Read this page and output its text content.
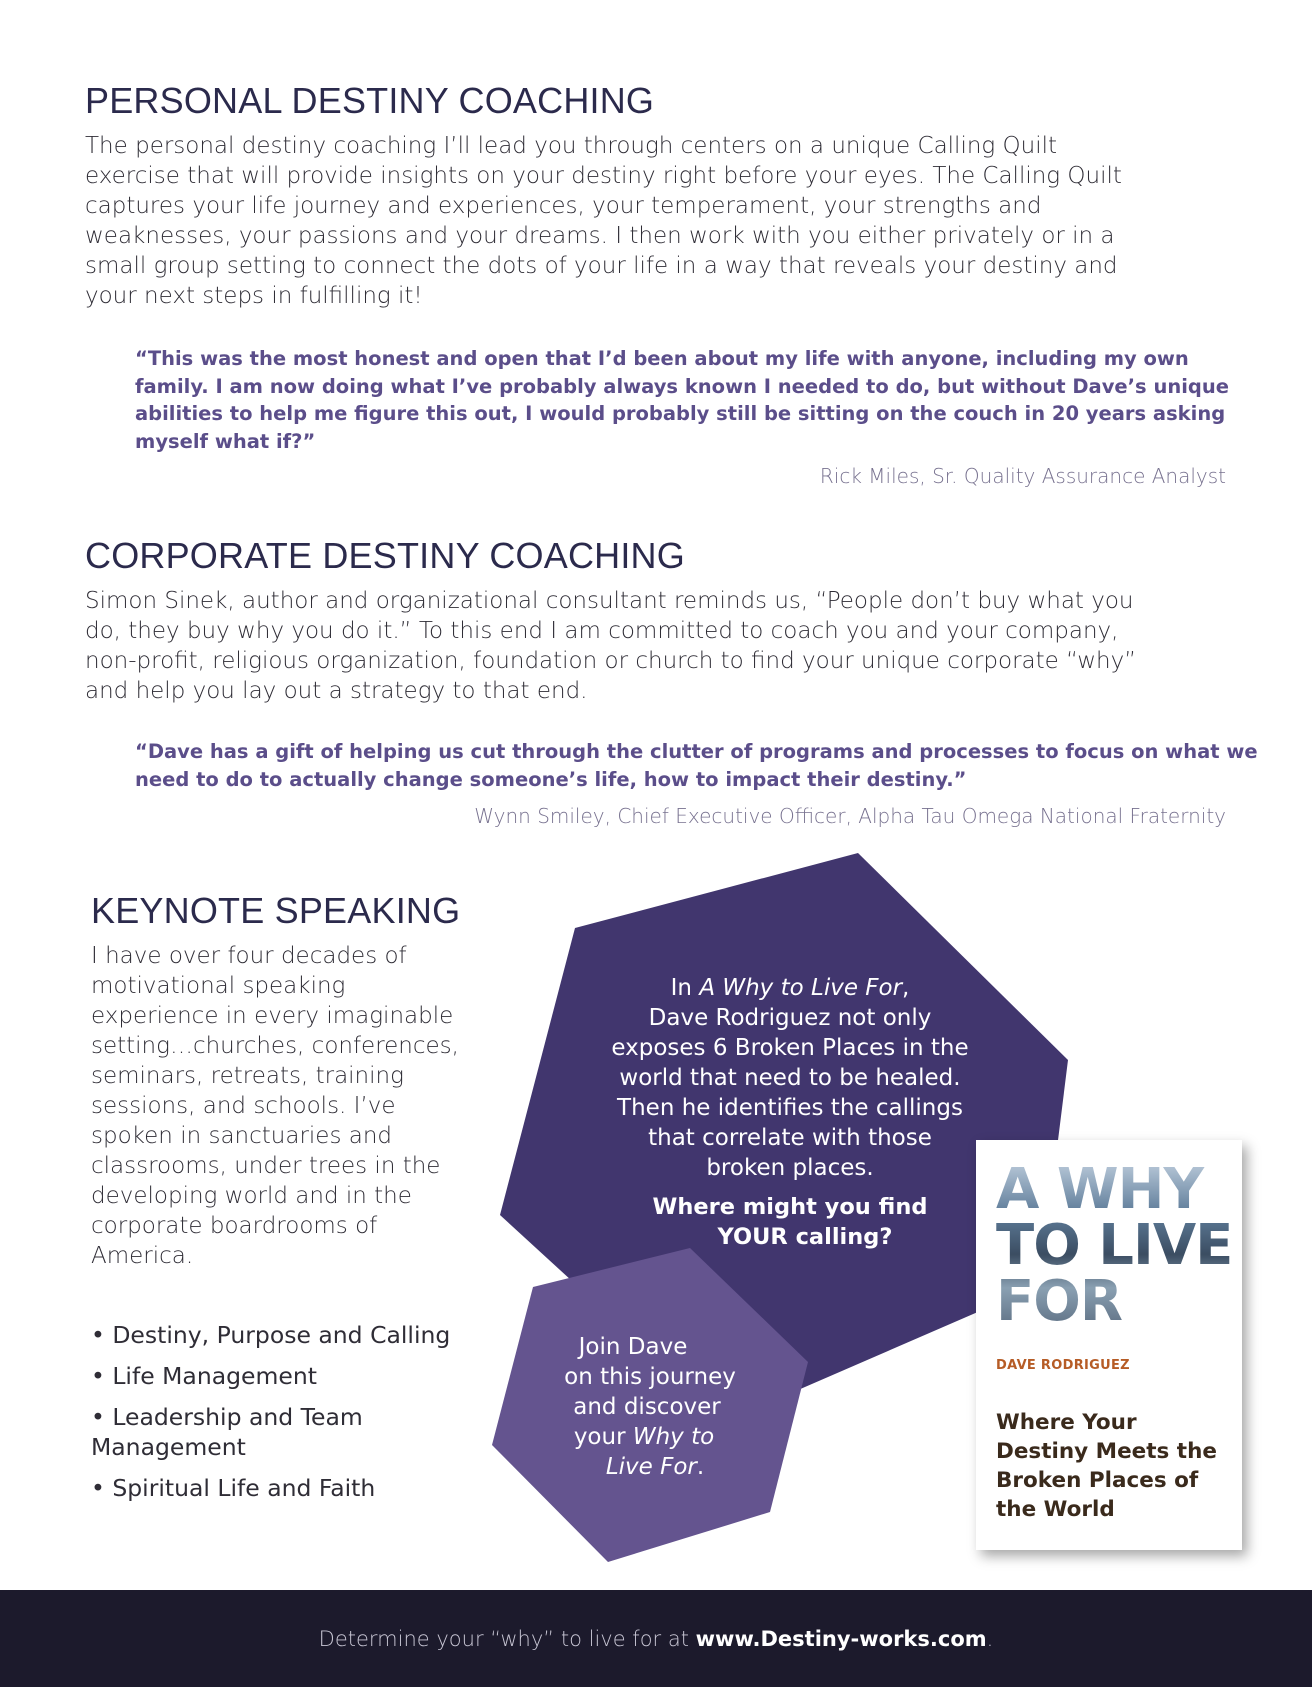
PERSONAL DESTINY COACHING
The personal destiny coaching I’ll lead you through centers on a unique Calling Quilt
exercise that will provide insights on your destiny right before your eyes. The Calling Quilt
captures your life journey and experiences, your temperament, your strengths and
weaknesses, your passions and your dreams. I then work with you either privately or in a
small group setting to connect the dots of your life in a way that reveals your destiny and
your next steps in fulfilling it!
“This was the most honest and open that I’d been about my life with anyone, including my own
family. I am now doing what I’ve probably always known I needed to do, but without Dave’s unique
abilities to help me figure this out, I would probably still be sitting on the couch in 20 years asking
myself what if?”
Rick Miles, Sr. Quality Assurance Analyst
CORPORATE DESTINY COACHING
Simon Sinek, author and organizational consultant reminds us, “People don’t buy what you
do, they buy why you do it.” To this end I am committed to coach you and your company,
non-profit, religious organization, foundation or church to find your unique corporate “why”
and help you lay out a strategy to that end.
“Dave has a gift of helping us cut through the clutter of programs and processes to focus on what we
need to do to actually change someone’s life, how to impact their destiny.”
Wynn Smiley, Chief Executive Officer, Alpha Tau Omega National Fraternity
KEYNOTE SPEAKING
I have over four decades of
motivational speaking
experience in every imaginable
setting…churches, conferences,
seminars, retreats, training
sessions, and schools. I’ve
spoken in sanctuaries and
classrooms, under trees in the
developing world and in the
corporate boardrooms of
America.
• Destiny, Purpose and Calling
• Life Management
• Leadership and Team Management
• Spiritual Life and Faith
In A Why to Live For,
Dave Rodriguez not only
exposes 6 Broken Places in the
world that need to be healed.
Then he identifies the callings
that correlate with those
broken places.
Where might you find
YOUR calling?
Join Dave
on this journey
and discover
your Why to
Live For.
A WHY
TO LIVE
FOR
DAVE RODRIGUEZ
Where Your Destiny Meets the Broken Places of the World

Determine your “why” to live for at www.Destiny-works.com.
